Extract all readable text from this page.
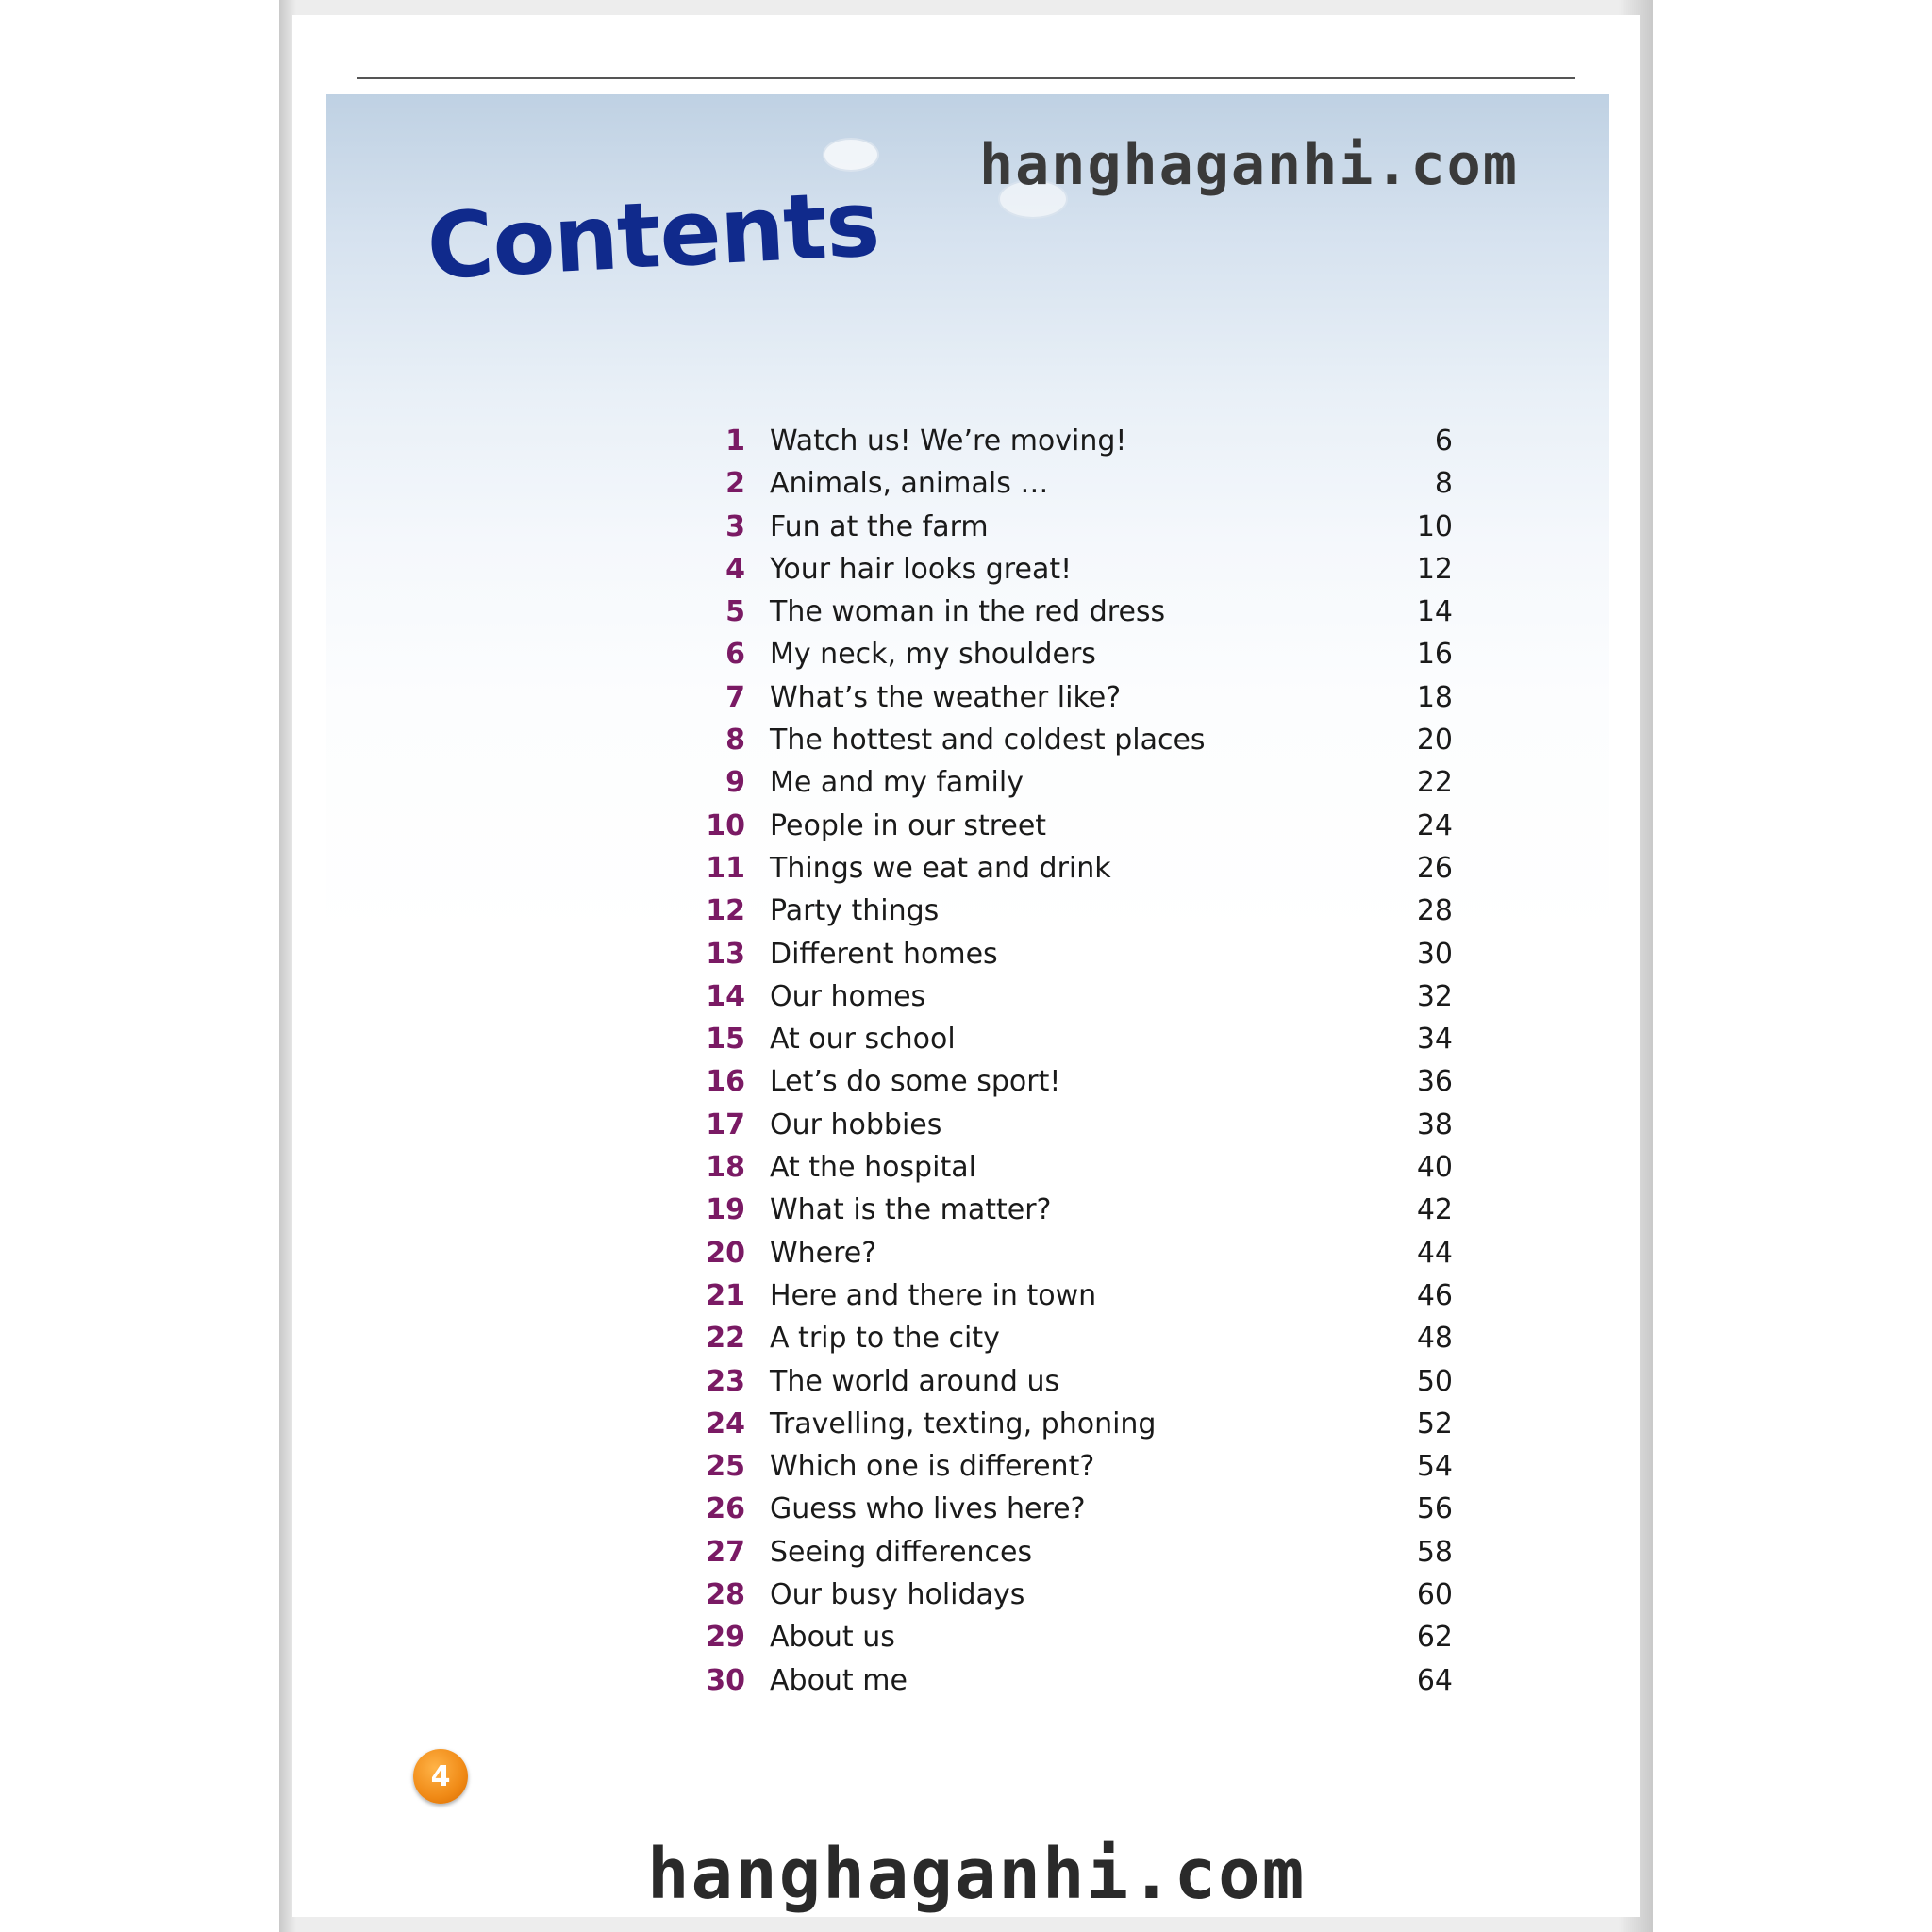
Contents
hanghaganhi.com
1 Watch us! We’re moving!	6
2 Animals, animals …	8
3 Fun at the farm	10
4 Your hair looks great!	12
5 The woman in the red dress	14
6 My neck, my shoulders	16
7 What’s the weather like?	18
8 The hottest and coldest places	20
9 Me and my family	22
10 People in our street	24
11 Things we eat and drink	26
12 Party things	28
13 Different homes	30
14 Our homes	32
15 At our school	34
16 Let’s do some sport!	36
17 Our hobbies	38
18 At the hospital	40
19 What is the matter?	42
20 Where?	44
21 Here and there in town	46
22 A trip to the city	48
23 The world around us	50
24 Travelling, texting, phoning	52
25 Which one is different?	54
26 Guess who lives here?	56
27 Seeing differences	58
28 Our busy holidays	60
29 About us	62
30 About me	64
4
hanghaganhi.com
